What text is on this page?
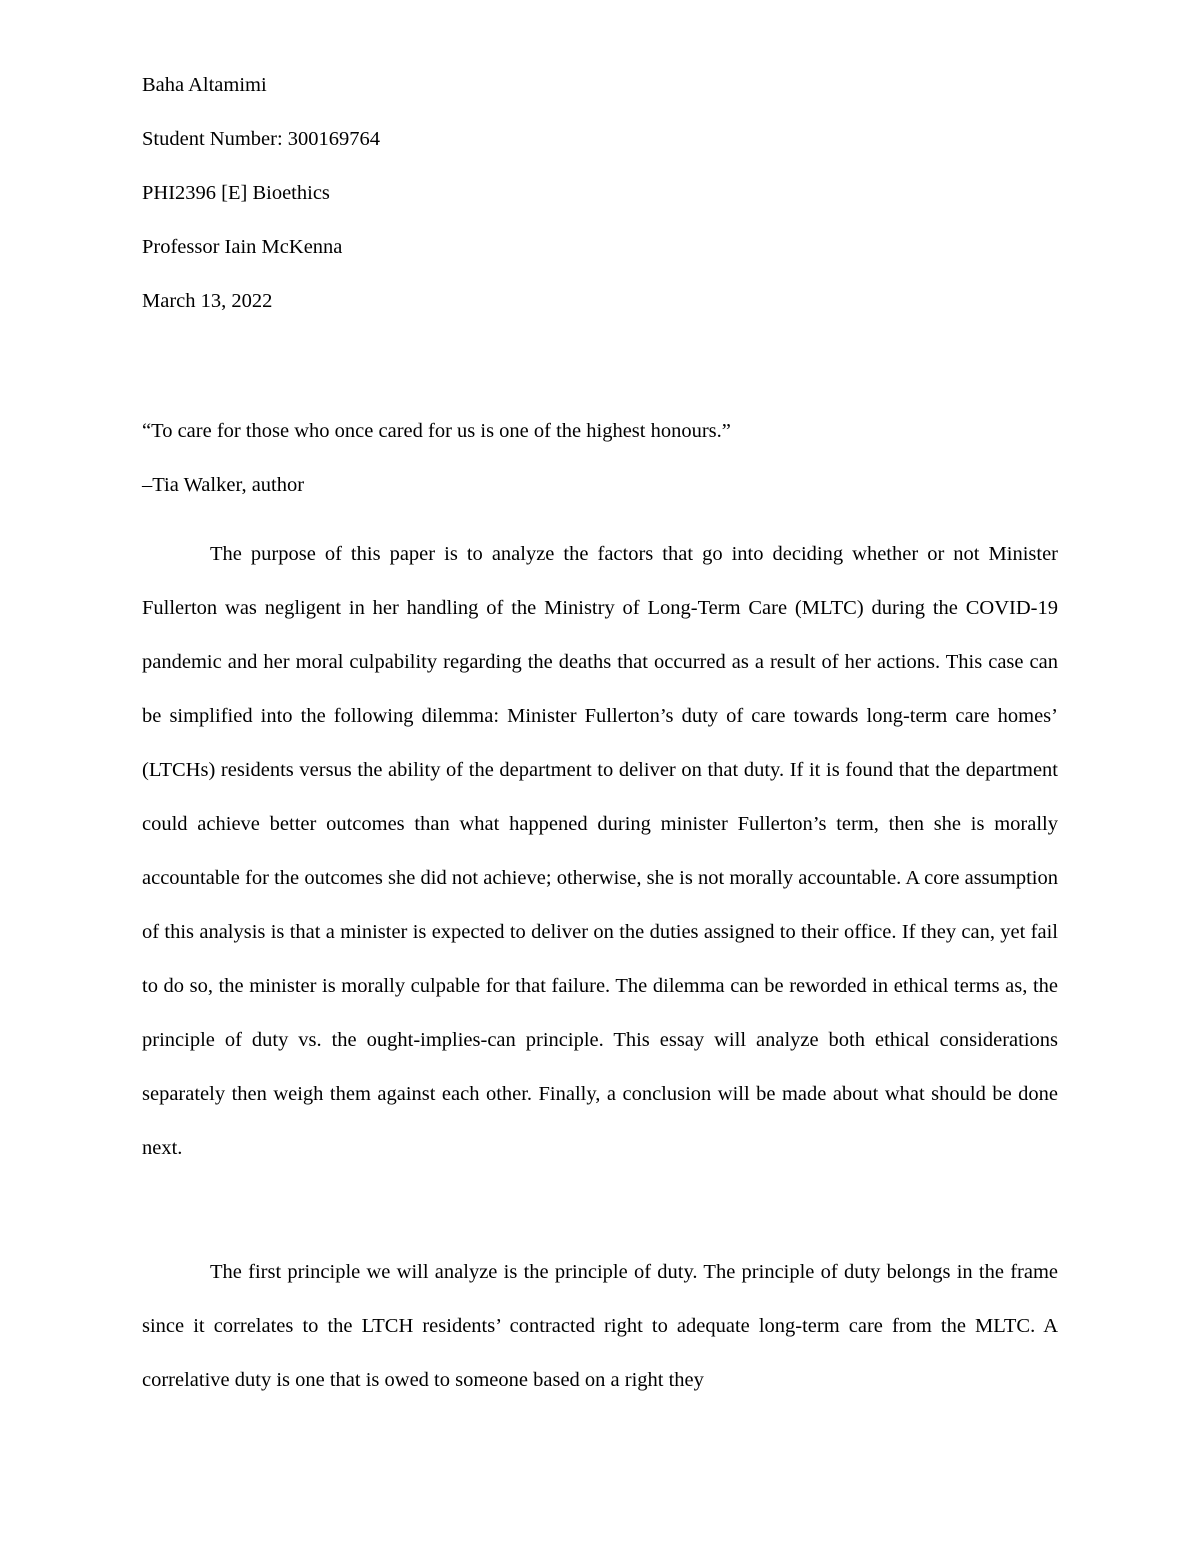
Baha Altamimi
Student Number: 300169764
PHI2396 [E] Bioethics
Professor Iain McKenna
March 13, 2022
“To care for those who once cared for us is one of the highest honours.”
–Tia Walker, author

The purpose of this paper is to analyze the factors that go into deciding whether or not Minister Fullerton was negligent in her handling of the Ministry of Long-Term Care (MLTC) during the COVID-19 pandemic and her moral culpability regarding the deaths that occurred as a result of her actions. This case can be simplified into the following dilemma: Minister Fullerton’s duty of care towards long-term care homes’ (LTCHs) residents versus the ability of the department to deliver on that duty. If it is found that the department could achieve better outcomes than what happened during minister Fullerton’s term, then she is morally accountable for the outcomes she did not achieve; otherwise, she is not morally accountable. A core assumption of this analysis is that a minister is expected to deliver on the duties assigned to their office. If they can, yet fail to do so, the minister is morally culpable for that failure. The dilemma can be reworded in ethical terms as, the principle of duty vs. the ought-implies-can principle. This essay will analyze both ethical considerations separately then weigh them against each other. Finally, a conclusion will be made about what should be done next.

The first principle we will analyze is the principle of duty. The principle of duty belongs in the frame since it correlates to the LTCH residents’ contracted right to adequate long-term care from the MLTC. A correlative duty is one that is owed to someone based on a right they
